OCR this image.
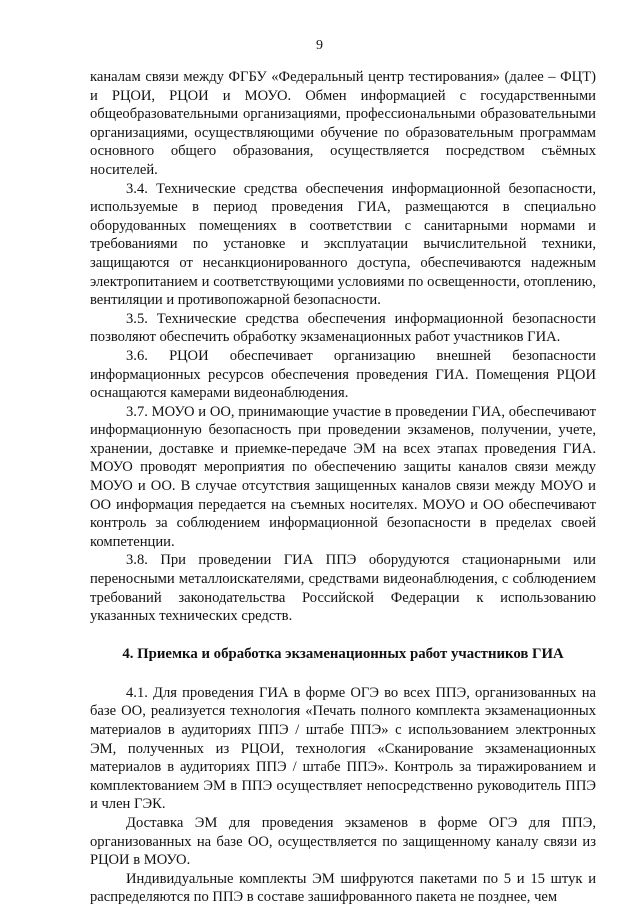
9

каналам связи между ФГБУ «Федеральный центр тестирования» (далее – ФЦТ) и РЦОИ, РЦОИ и МОУО. Обмен информацией с государственными общеобразовательными организациями, профессиональными образовательными организациями, осуществляющими обучение по образовательным программам основного общего образования, осуществляется посредством съёмных носителей.

3.4. Технические средства обеспечения информационной безопасности, используемые в период проведения ГИА, размещаются в специально оборудованных помещениях в соответствии с санитарными нормами и требованиями по установке и эксплуатации вычислительной техники, защищаются от несанкционированного доступа, обеспечиваются надежным электропитанием и соответствующими условиями по освещенности, отоплению, вентиляции и противопожарной безопасности.

3.5. Технические средства обеспечения информационной безопасности позволяют обеспечить обработку экзаменационных работ участников ГИА.

3.6. РЦОИ обеспечивает организацию внешней безопасности информационных ресурсов обеспечения проведения ГИА. Помещения РЦОИ оснащаются камерами видеонаблюдения.

3.7. МОУО и ОО, принимающие участие в проведении ГИА, обеспечивают информационную безопасность при проведении экзаменов, получении, учете, хранении, доставке и приемке-передаче ЭМ на всех этапах проведения ГИА. МОУО проводят мероприятия по обеспечению защиты каналов связи между МОУО и ОО. В случае отсутствия защищенных каналов связи между МОУО и ОО информация передается на съемных носителях. МОУО и ОО обеспечивают контроль за соблюдением информационной безопасности в пределах своей компетенции.

3.8. При проведении ГИА ППЭ оборудуются стационарными или переносными металлоискателями, средствами видеонаблюдения, с соблюдением требований законодательства Российской Федерации к использованию указанных технических средств.

4. Приемка и обработка экзаменационных работ участников ГИА

4.1. Для проведения ГИА в форме ОГЭ во всех ППЭ, организованных на базе ОО, реализуется технология «Печать полного комплекта экзаменационных материалов в аудиториях ППЭ / штабе ППЭ» с использованием электронных ЭМ, полученных из РЦОИ, технология «Сканирование экзаменационных материалов в аудиториях ППЭ / штабе ППЭ». Контроль за тиражированием и комплектованием ЭМ в ППЭ осуществляет непосредственно руководитель ППЭ и член ГЭК.

Доставка ЭМ для проведения экзаменов в форме ОГЭ для ППЭ, организованных на базе ОО, осуществляется по защищенному каналу связи из РЦОИ в МОУО.

Индивидуальные комплекты ЭМ шифруются пакетами по 5 и 15 штук и распределяются по ППЭ в составе зашифрованного пакета не позднее, чем
